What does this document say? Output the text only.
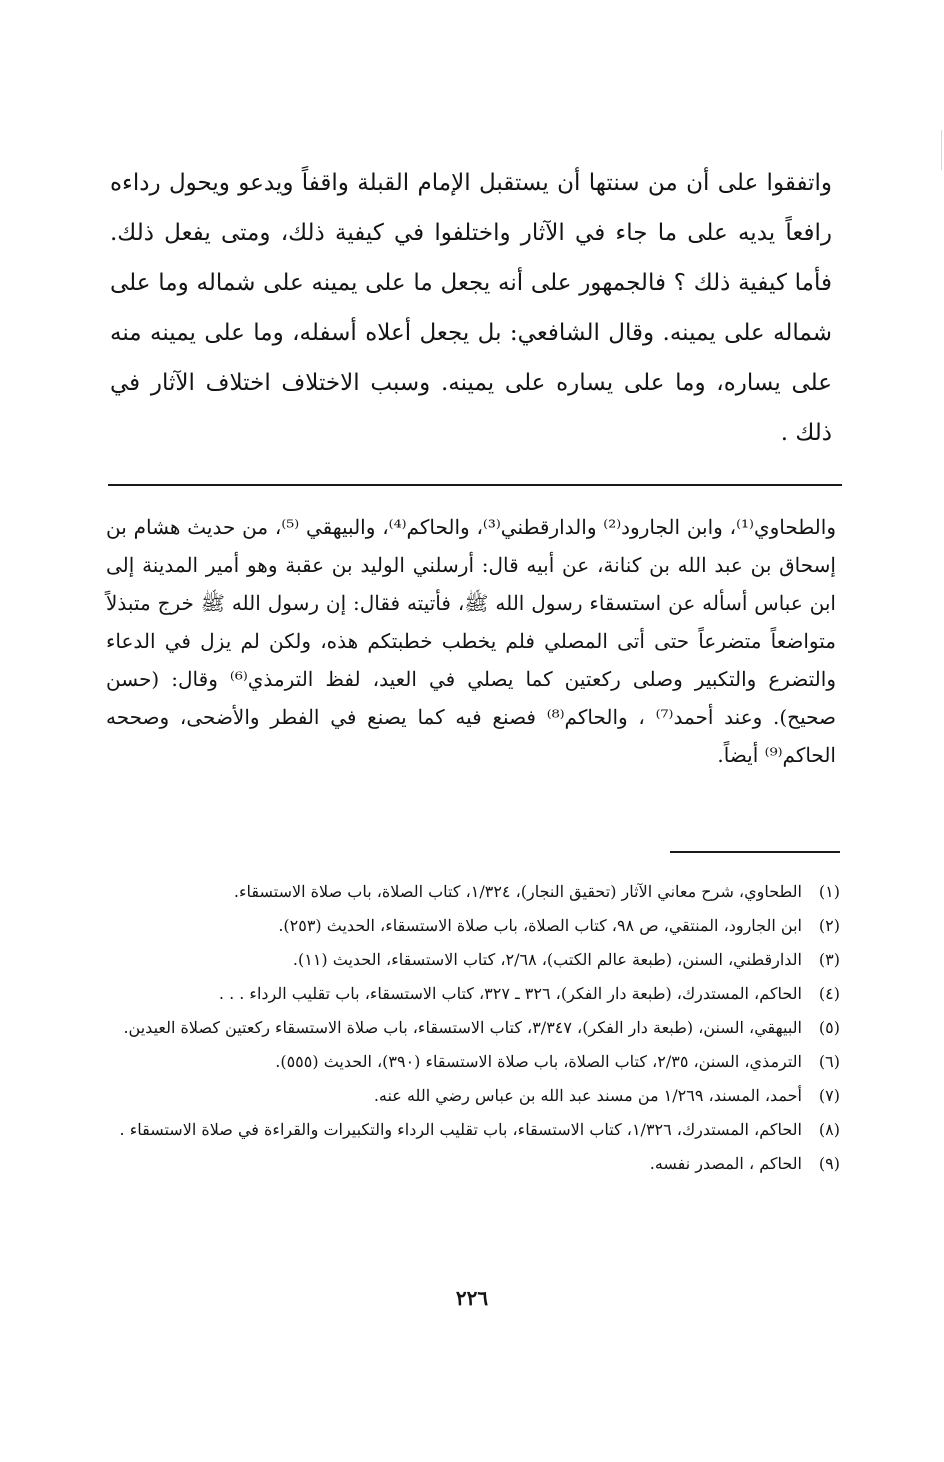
واتفقوا على أن من سنتها أن يستقبل الإمام القبلة واقفاً ويدعو ويحول رداءه رافعاً يديه على ما جاء في الآثار واختلفوا في كيفية ذلك، ومتى يفعل ذلك. فأما كيفية ذلك ؟ فالجمهور على أنه يجعل ما على يمينه على شماله وما على شماله على يمينه. وقال الشافعي: بل يجعل أعلاه أسفله، وما على يمينه منه على يساره، وما على يساره على يمينه. وسبب الاختلاف اختلاف الآثار في ذلك .

والطحاوي⁽¹⁾، وابن الجارود⁽²⁾ والدارقطني⁽³⁾، والحاكم⁽⁴⁾، والبيهقي ⁽⁵⁾، من حديث هشام بن إسحاق بن عبد الله بن كنانة، عن أبيه قال: أرسلني الوليد بن عقبة وهو أمير المدينة إلى ابن عباس أسأله عن استسقاء رسول الله ﷺ، فأتيته فقال: إن رسول الله ﷺ خرج متبذلاً متواضعاً متضرعاً حتى أتى المصلي فلم يخطب خطبتكم هذه، ولكن لم يزل في الدعاء والتضرع والتكبير وصلى ركعتين كما يصلي في العيد، لفظ الترمذي⁽⁶⁾ وقال: (حسن صحيح). وعند أحمد⁽⁷⁾ ، والحاكم⁽⁸⁾ فصنع فيه كما يصنع في الفطر والأضحى، وصححه الحاكم⁽⁹⁾ أيضاً.

(١)
الطحاوي، شرح معاني الآثار (تحقيق النجار)، ١/٣٢٤، كتاب الصلاة، باب صلاة الاستسقاء.
(٢)
ابن الجارود، المنتقي، ص ٩٨، كتاب الصلاة، باب صلاة الاستسقاء، الحديث (٢٥٣).
(٣)
الدارقطني، السنن، (طبعة عالم الكتب)، ٢/٦٨، كتاب الاستسقاء، الحديث (١١).
(٤)
الحاكم، المستدرك، (طبعة دار الفكر)، ٣٢٦ ـ ٣٢٧، كتاب الاستسقاء، باب تقليب الرداء . . .
(٥)
البيهقي، السنن، (طبعة دار الفكر)، ٣/٣٤٧، كتاب الاستسقاء، باب صلاة الاستسقاء ركعتين كصلاة العيدين.
(٦)
الترمذي، السنن، ٢/٣٥، كتاب الصلاة، باب صلاة الاستسقاء (٣٩٠)، الحديث (٥٥٥).
(٧)
أحمد، المسند، ١/٢٦٩ من مسند عبد الله بن عباس رضي الله عنه.
(٨)
الحاكم، المستدرك، ١/٣٢٦، كتاب الاستسقاء، باب تقليب الرداء والتكبيرات والقراءة في صلاة الاستسقاء .
(٩)
الحاكم ، المصدر نفسه.
٢٢٦
